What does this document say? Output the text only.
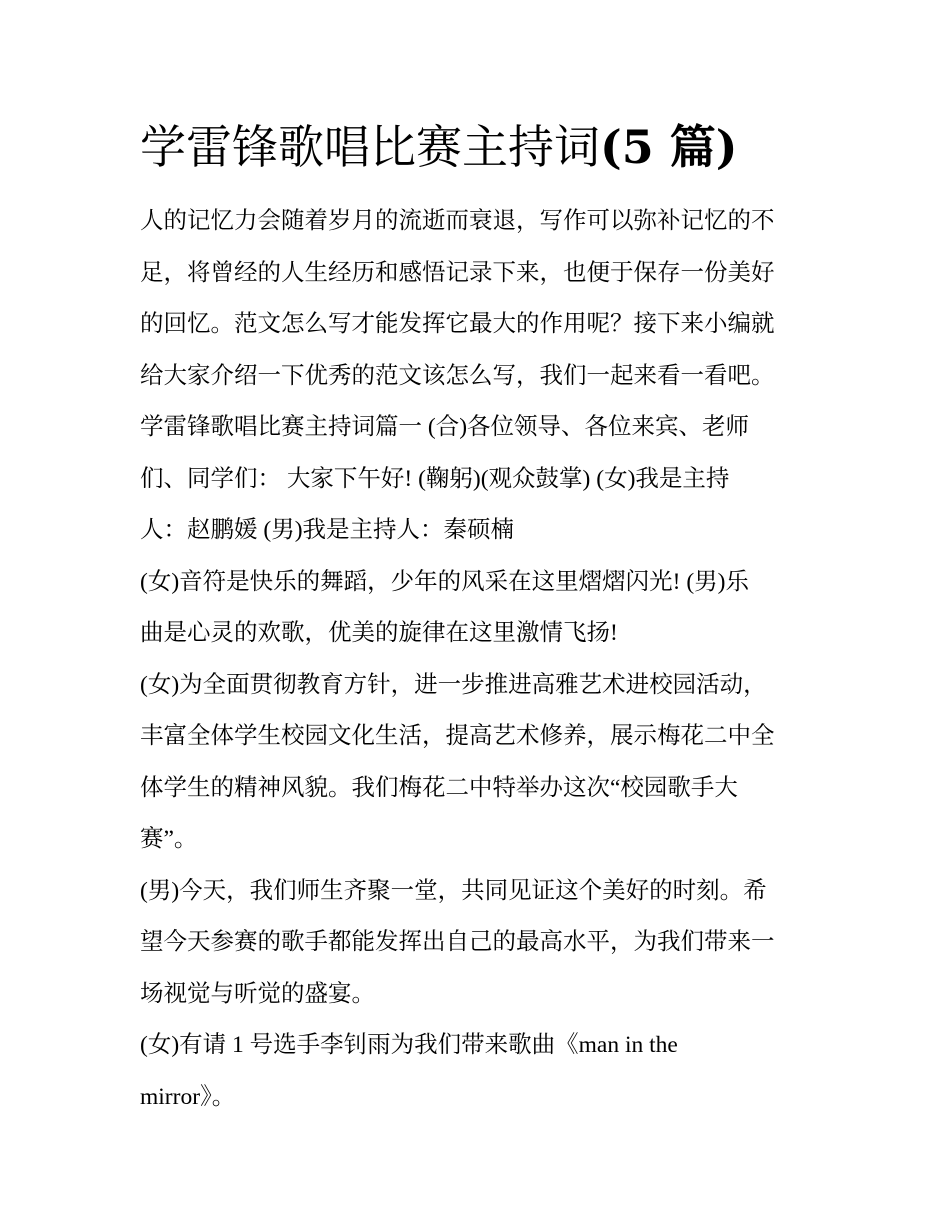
学雷锋歌唱比赛主持词(5 篇)

人的记忆力会随着岁月的流逝而衰退，写作可以弥补记忆的不
足，将曾经的人生经历和感悟记录下来，也便于保存一份美好
的回忆。范文怎么写才能发挥它最大的作用呢？接下来小编就
给大家介绍一下优秀的范文该怎么写，我们一起来看一看吧。

学雷锋歌唱比赛主持词篇一 (合)各位领导、各位来宾、老师
们、同学们： 大家下午好! (鞠躬)(观众鼓掌) (女)我是主持
人：赵鹏媛 (男)我是主持人：秦硕楠

(女)音符是快乐的舞蹈，少年的风采在这里熠熠闪光! (男)乐
曲是心灵的欢歌，优美的旋律在这里激情飞扬!

(女)为全面贯彻教育方针，进一步推进高雅艺术进校园活动，
丰富全体学生校园文化生活，提高艺术修养，展示梅花二中全
体学生的精神风貌。我们梅花二中特举办这次“校园歌手大
赛”。

(男)今天，我们师生齐聚一堂，共同见证这个美好的时刻。希
望今天参赛的歌手都能发挥出自己的最高水平，为我们带来一
场视觉与听觉的盛宴。

(女)有请 1 号选手李钊雨为我们带来歌曲《man in the
mirror》。
